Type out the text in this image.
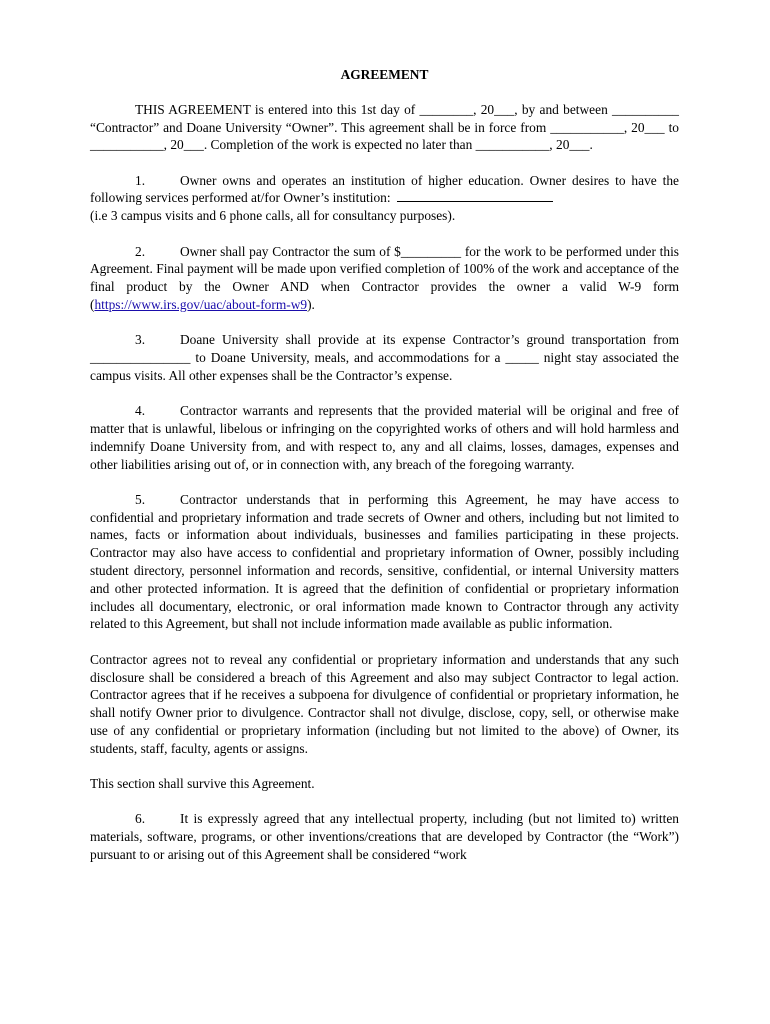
AGREEMENT

THIS AGREEMENT is entered into this 1st day of ________, 20___, by and between __________ “Contractor” and Doane University “Owner”. This agreement shall be in force from ___________, 20___ to ___________, 20___. Completion of the work is expected no later than ___________, 20___.

1.	Owner owns and operates an institution of higher education. Owner desires to have the following services performed at/for Owner’s institution:
(i.e 3 campus visits and 6 phone calls, all for consultancy purposes).

2.	Owner shall pay Contractor the sum of $_________ for the work to be performed under this Agreement. Final payment will be made upon verified completion of 100% of the work and acceptance of the final product by the Owner AND when Contractor provides the owner a valid W-9 form (https://www.irs.gov/uac/about-form-w9).

3.	Doane University shall provide at its expense Contractor’s ground transportation from _______________ to Doane University, meals, and accommodations for a _____ night stay associated the campus visits. All other expenses shall be the Contractor’s expense.

4.	Contractor warrants and represents that the provided material will be original and free of matter that is unlawful, libelous or infringing on the copyrighted works of others and will hold harmless and indemnify Doane University from, and with respect to, any and all claims, losses, damages, expenses and other liabilities arising out of, or in connection with, any breach of the foregoing warranty.

5.	Contractor understands that in performing this Agreement, he may have access to confidential and proprietary information and trade secrets of Owner and others, including but not limited to names, facts or information about individuals, businesses and families participating in these projects. Contractor may also have access to confidential and proprietary information of Owner, possibly including student directory, personnel information and records, sensitive, confidential, or internal University matters and other protected information. It is agreed that the definition of confidential or proprietary information includes all documentary, electronic, or oral information made known to Contractor through any activity related to this Agreement, but shall not include information made available as public information.

Contractor agrees not to reveal any confidential or proprietary information and understands that any such disclosure shall be considered a breach of this Agreement and also may subject Contractor to legal action. Contractor agrees that if he receives a subpoena for divulgence of confidential or proprietary information, he shall notify Owner prior to divulgence. Contractor shall not divulge, disclose, copy, sell, or otherwise make use of any confidential or proprietary information (including but not limited to the above) of Owner, its students, staff, faculty, agents or assigns.

This section shall survive this Agreement.

6.	It is expressly agreed that any intellectual property, including (but not limited to) written materials, software, programs, or other inventions/creations that are developed by Contractor (the “Work”) pursuant to or arising out of this Agreement shall be considered “work
